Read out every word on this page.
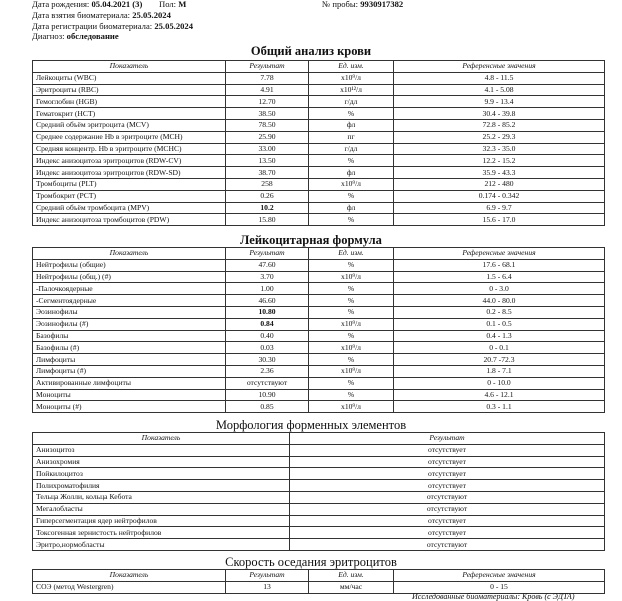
Дата рождения: 05.04.2021 (3) Пол: М	№ пробы: 9930917382
Дата взятия биоматериала: 25.05.2024
Дата регистрации биоматериала: 25.05.2024
Диагноз: обследование
Общий анализ крови
Показатель	Результат	Ед. изм.	Референсные значения
Лейкоциты (WBC)	7.78	x10⁹/л	4.8 - 11.5
Эритроциты (RBC)	4.91	x10¹²/л	4.1 - 5.08
Гемоглобин (HGB)	12.70	г/дл	9.9 - 13.4
Гематокрит (HCT)	38.50	%	30.4 - 39.8
Средний объём эритроцита (MCV)	78.50	фл	72.8 - 85.2
Среднее содержание Hb в эритроците (MCH)	25.90	пг	25.2 - 29.3
Средняя концентр. Hb в эритроците (MCHC)	33.00	г/дл	32.3 - 35.0
Индекс анизоцитоза эритроцитов (RDW-CV)	13.50	%	12.2 - 15.2
Индекс анизоцитоза эритроцитов (RDW-SD)	38.70	фл	35.9 - 43.3
Тромбоциты (PLT)	258	x10⁹/л	212 - 480
Тромбокрит (PCT)	0.26	%	0.174 - 0.342
Средний объём тромбоцита (MPV)	10.2	фл	6.9 - 9.7
Индекс анизоцитоза тромбоцитов (PDW)	15.80	%	15.6 - 17.0
Лейкоцитарная формула
Показатель	Результат	Ед. изм.	Референсные значения
Нейтрофилы (общие)	47.60	%	17.6 - 68.1
Нейтрофилы (общ.) (#)	3.70	x10⁹/л	1.5 - 6.4
-Палочкоядерные	1.00	%	0 - 3.0
-Сегментоядерные	46.60	%	44.0 - 80.0
Эозинофилы	10.80	%	0.2 - 8.5
Эозинофилы (#)	0.84	x10⁹/л	0.1 - 0.5
Базофилы	0.40	%	0.4 - 1.3
Базофилы (#)	0.03	x10⁹/л	0 - 0.1
Лимфоциты	30.30	%	20.7 -72.3
Лимфоциты (#)	2.36	x10⁹/л	1.8 - 7.1
Активированные лимфоциты	отсутствуют	%	0 - 10.0
Моноциты	10.90	%	4.6 - 12.1
Моноциты (#)	0.85	x10⁹/л	0.3 - 1.1
Морфология форменных элементов
Показатель	Результат
Анизоцитоз	отсутствует
Анизохромия	отсутствует
Пойкилоцитоз	отсутствует
Полихроматофилия	отсутствует
Тельца Жолли, кольца Кебота	отсутствуют
Мегалобласты	отсутствуют
Гиперсегментация ядер нейтрофилов	отсутствует
Токсогенная зернистость нейтрофилов	отсутствует
Эритро,нормобласты	отсутствуют
Скорость оседания эритроцитов
Показатель	Результат	Ед. изм.	Референсные значения
СОЭ (метод Westergren)	13	мм/час	0 - 15
Исследованные биоматериалы: Кровь (с ЭДТА)
